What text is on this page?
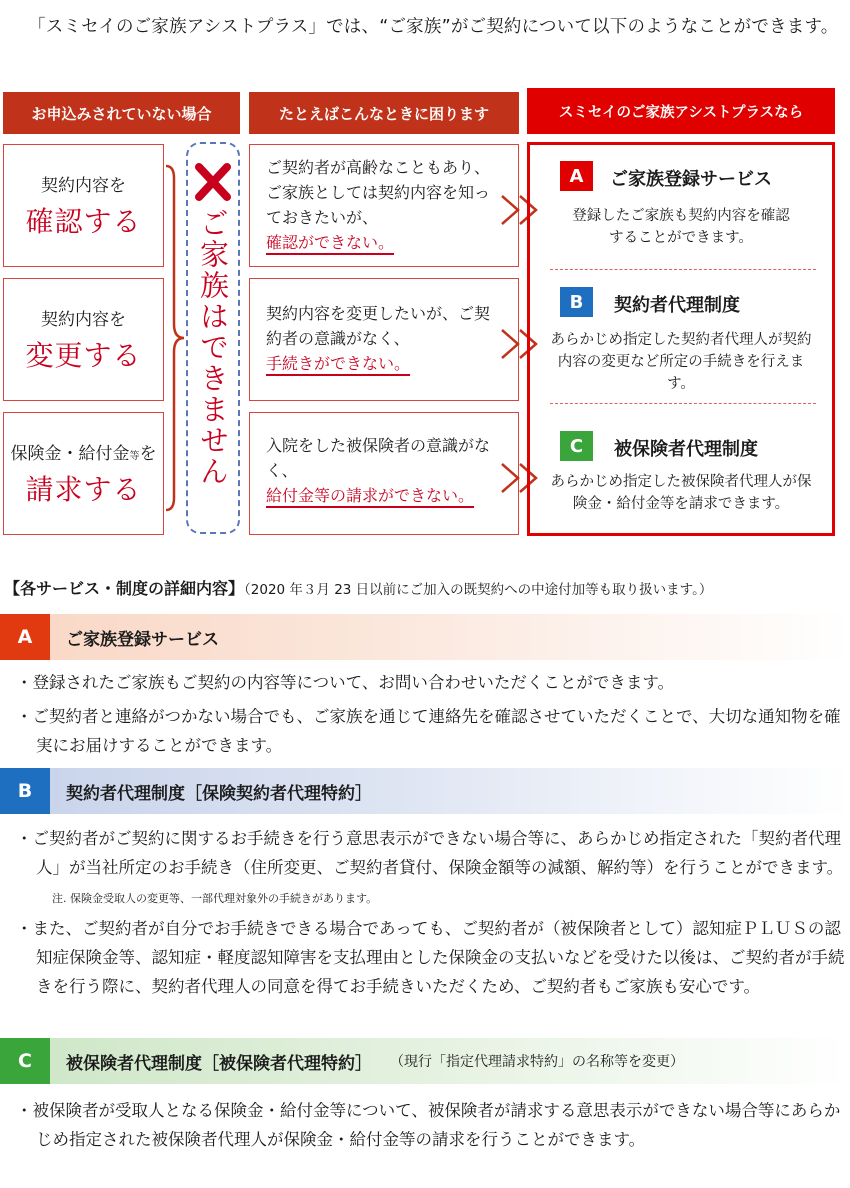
「スミセイのご家族アシストプラス」では、“ご家族”がご契約について以下のようなことができます。
お申込みされていない場合	たとえばこんなときに困ります	スミセイのご家族アシストプラスなら
契約内容を
確認する
契約内容を
変更する
保険金・給付金等を
請求する
ご家族はできません
ご契約者が高齢なこともあり、ご家族としては契約内容を知っておきたいが、
確認ができない。
契約内容を変更したいが、ご契約者の意識がなく、
手続きができない。
入院をした被保険者の意識がなく、
給付金等の請求ができない。
A	ご家族登録サービス
登録したご家族も契約内容を確認することができます。
B	契約者代理制度
あらかじめ指定した契約者代理人が契約内容の変更など所定の手続きを行えます。
C	被保険者代理制度
あらかじめ指定した被保険者代理人が保険金・給付金等を請求できます。
【各サービス・制度の詳細内容】（2020 年３月 23 日以前にご加入の既契約への中途付加等も取り扱います。）
A	ご家族登録サービス
・登録されたご家族もご契約の内容等について、お問い合わせいただくことができます。
・ご契約者と連絡がつかない場合でも、ご家族を通じて連絡先を確認させていただくことで、大切な通知物を確実にお届けすることができます。
B	契約者代理制度［保険契約者代理特約］
・ご契約者がご契約に関するお手続きを行う意思表示ができない場合等に、あらかじめ指定された「契約者代理人」が当社所定のお手続き（住所変更、ご契約者貸付、保険金額等の減額、解約等）を行うことができます。注. 保険金受取人の変更等、一部代理対象外の手続きがあります。
・また、ご契約者が自分でお手続きできる場合であっても、ご契約者が（被保険者として）認知症ＰＬＵＳの認知症保険金等、認知症・軽度認知障害を支払理由とした保険金の支払いなどを受けた以後は、ご契約者が手続きを行う際に、契約者代理人の同意を得てお手続きいただくため、ご契約者もご家族も安心です。
C	被保険者代理制度［被保険者代理特約］ （現行「指定代理請求特約」の名称等を変更）
・被保険者が受取人となる保険金・給付金等について、被保険者が請求する意思表示ができない場合等にあらかじめ指定された被保険者代理人が保険金・給付金等の請求を行うことができます。
